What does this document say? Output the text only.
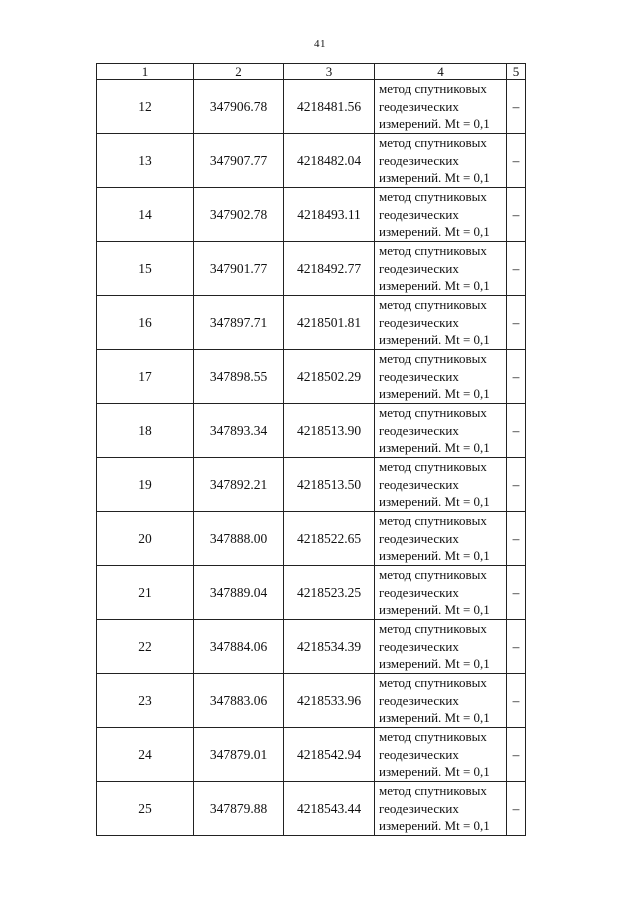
41
1	2	3	4	5
12	347906.78	4218481.56	метод спутниковых
геодезических
измерений. Mt = 0,1	–
13	347907.77	4218482.04	метод спутниковых
геодезических
измерений. Mt = 0,1	–
14	347902.78	4218493.11	метод спутниковых
геодезических
измерений. Mt = 0,1	–
15	347901.77	4218492.77	метод спутниковых
геодезических
измерений. Mt = 0,1	–
16	347897.71	4218501.81	метод спутниковых
геодезических
измерений. Mt = 0,1	–
17	347898.55	4218502.29	метод спутниковых
геодезических
измерений. Mt = 0,1	–
18	347893.34	4218513.90	метод спутниковых
геодезических
измерений. Mt = 0,1	–
19	347892.21	4218513.50	метод спутниковых
геодезических
измерений. Mt = 0,1	–
20	347888.00	4218522.65	метод спутниковых
геодезических
измерений. Mt = 0,1	–
21	347889.04	4218523.25	метод спутниковых
геодезических
измерений. Mt = 0,1	–
22	347884.06	4218534.39	метод спутниковых
геодезических
измерений. Mt = 0,1	–
23	347883.06	4218533.96	метод спутниковых
геодезических
измерений. Mt = 0,1	–
24	347879.01	4218542.94	метод спутниковых
геодезических
измерений. Mt = 0,1	–
25	347879.88	4218543.44	метод спутниковых
геодезических
измерений. Mt = 0,1	–
